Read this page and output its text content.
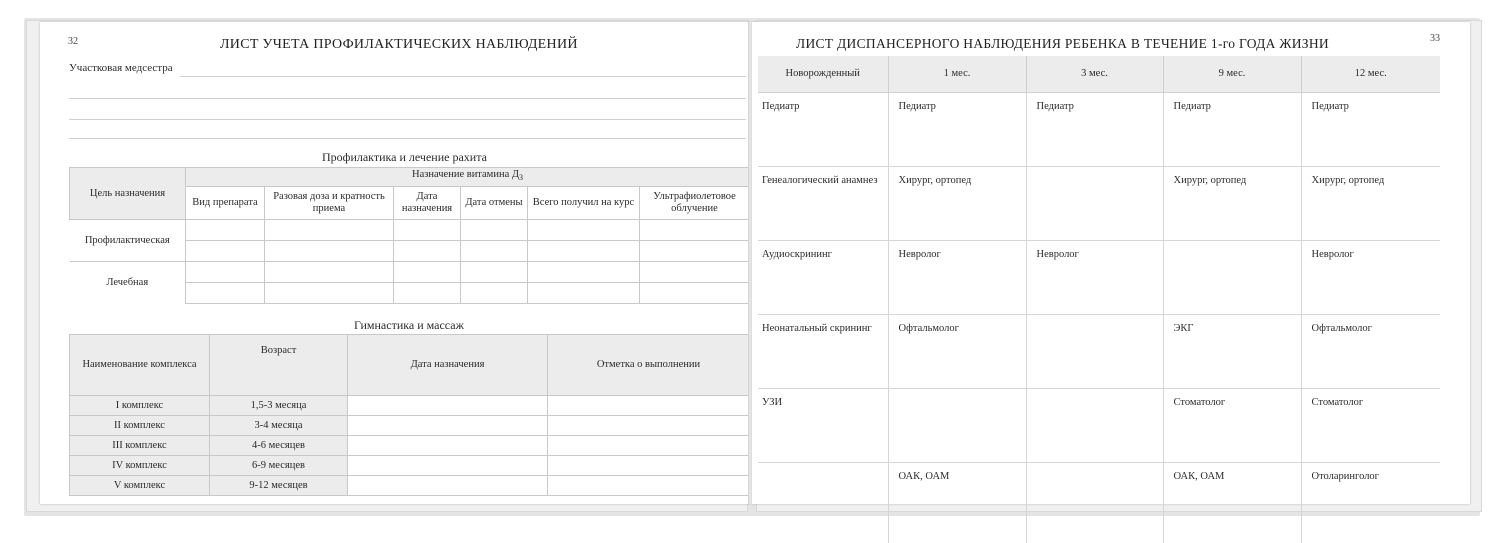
32	ЛИСТ УЧЕТА ПРОФИЛАКТИЧЕСКИХ НАБЛЮДЕНИЙ
Участковая медсестра
Профилактика и лечение рахита
Цель назначения	Назначение витамина $Д_3$
	Вид препарата	Разовая доза и кратность приема	Дата назначения	Дата отмены	Всего получил на курс	Ультрафиолетовое облучение
Профилактическая						

Лечебная						

Гимнастика и массаж
Наименование комплекса	Возраст	Дата назначения	Отметка о выполнении
I комплекс	1,5-3 месяца		
II комплекс	3-4 месяца		
III комплекс	4-6 месяцев		
IV комплекс	6-9 месяцев		
V комплекс	9-12 месяцев		
ЛИСТ ДИСПАНСЕРНОГО НАБЛЮДЕНИЯ РЕБЕНКА В ТЕЧЕНИЕ 1-го ГОДА ЖИЗНИ	33
Новорожденный	1 мес.	3 мес.	9 мес.	12 мес.
Педиатр	Педиатр	Педиатр	Педиатр	Педиатр
Генеалогический анамнез	Хирург, ортопед		Хирург, ортопед	Хирург, ортопед
Аудиоскрининг	Невролог	Невролог		Невролог
Неонатальный скрининг	Офтальмолог		ЭКГ	Офтальмолог
УЗИ			Стоматолог	Стоматолог
	ОАК, ОАМ		ОАК, ОАМ	Отоларинголог
